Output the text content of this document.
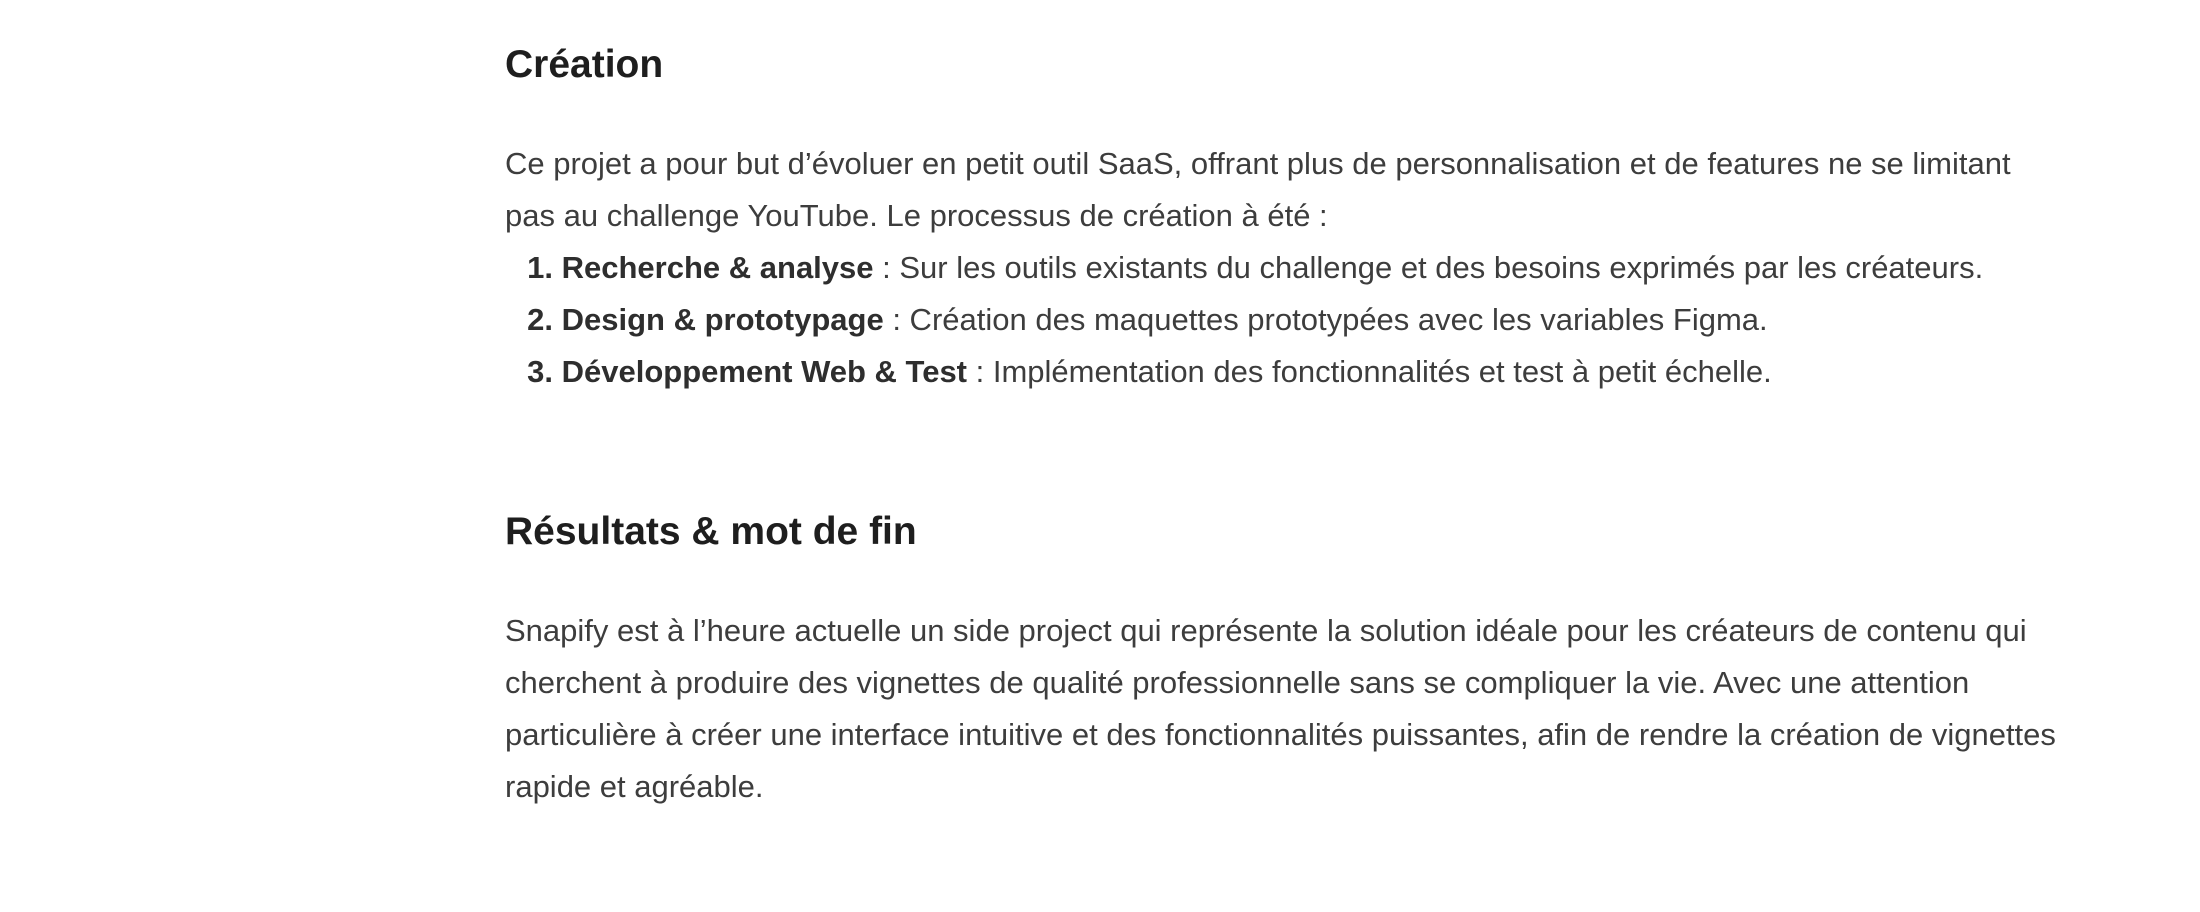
Création

Ce projet a pour but d’évoluer en petit outil SaaS, offrant plus de personnalisation et de features ne se limitant pas au challenge YouTube. Le processus de création à été :

1. Recherche & analyse : Sur les outils existants du challenge et des besoins exprimés par les créateurs.
2. Design & prototypage : Création des maquettes prototypées avec les variables Figma.
3. Développement Web & Test : Implémentation des fonctionnalités et test à petit échelle.
Résultats & mot de fin

Snapify est à l’heure actuelle un side project qui représente la solution idéale pour les créateurs de contenu qui cherchent à produire des vignettes de qualité professionnelle sans se compliquer la vie. Avec une attention particulière à créer une interface intuitive et des fonctionnalités puissantes, afin de rendre la création de vignettes rapide et agréable.
